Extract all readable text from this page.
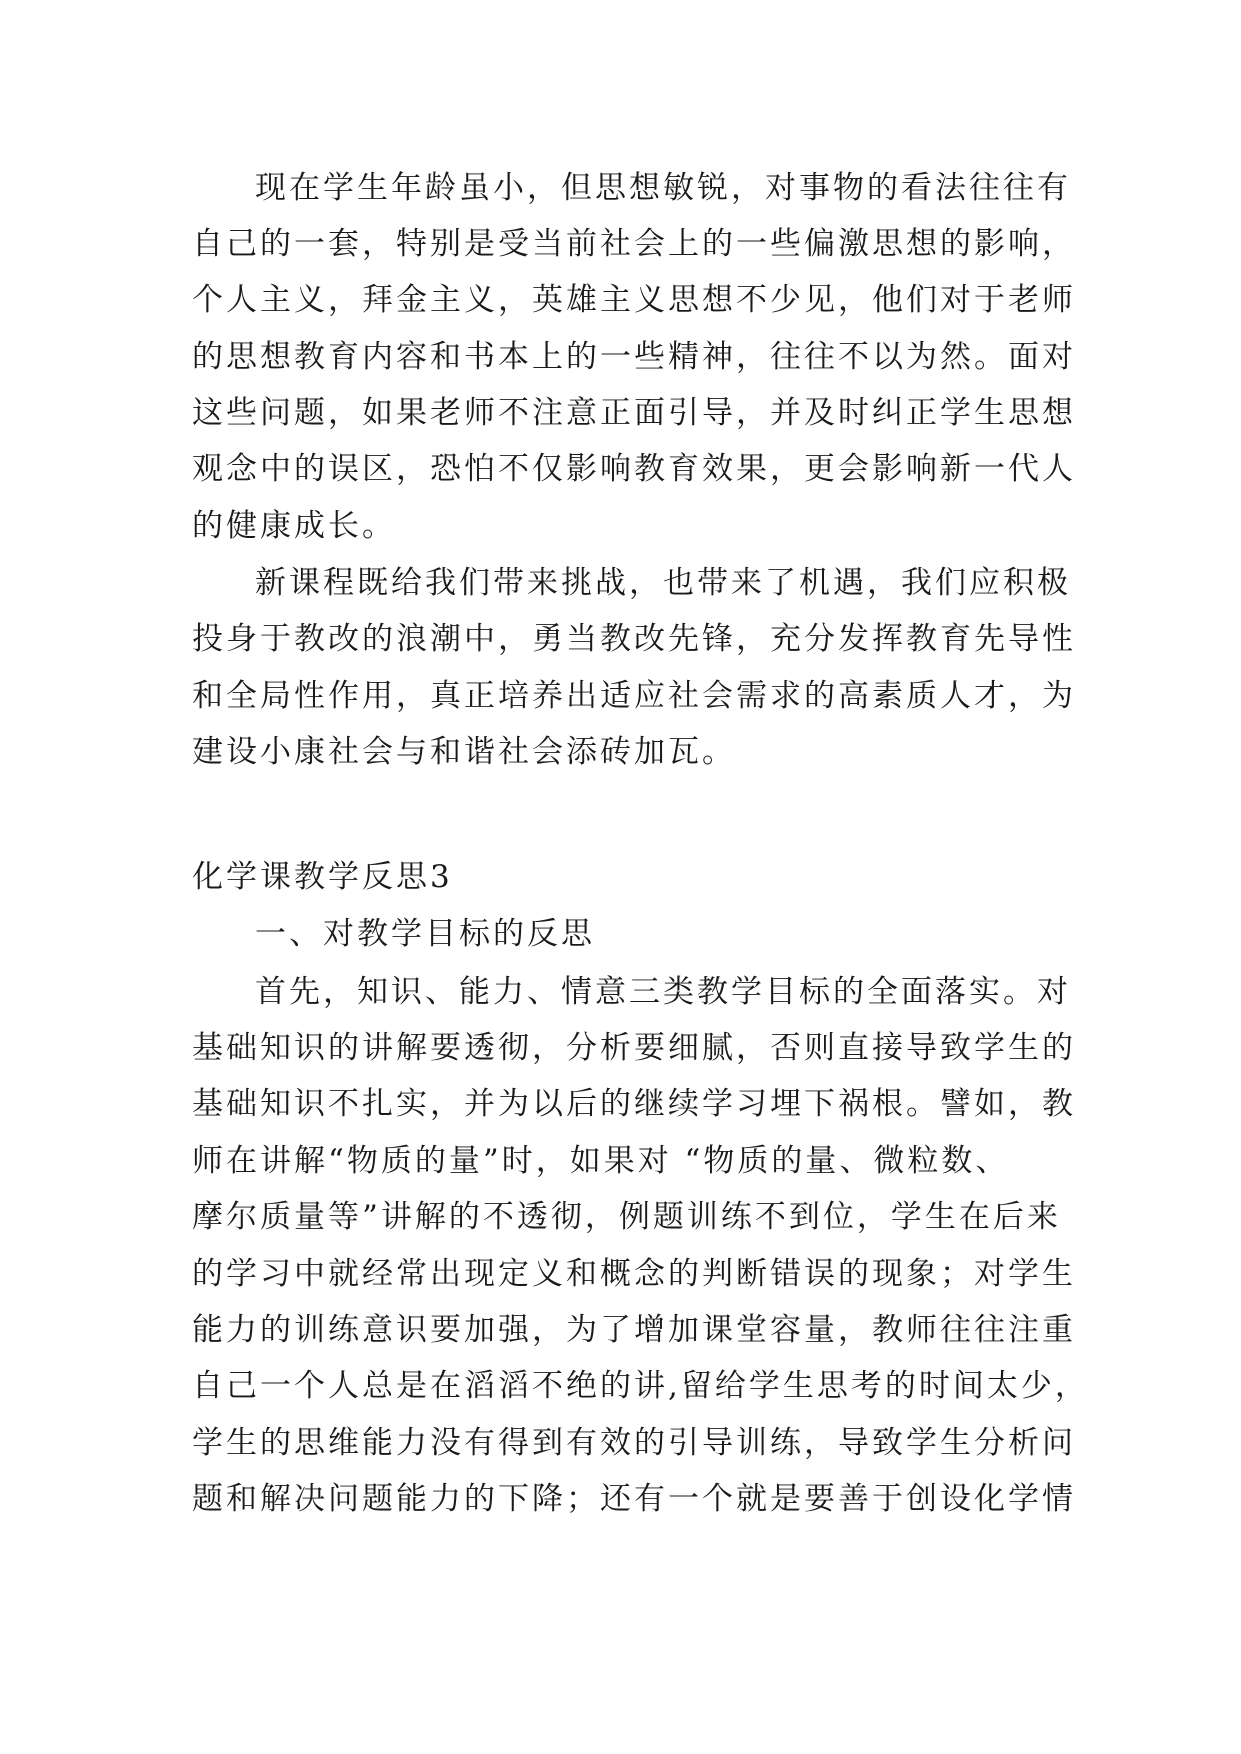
现在学生年龄虽小，但思想敏锐，对事物的看法往往有
自己的一套，特别是受当前社会上的一些偏激思想的影响，
个人主义，拜金主义，英雄主义思想不少见，他们对于老师
的思想教育内容和书本上的一些精神，往往不以为然。面对
这些问题，如果老师不注意正面引导，并及时纠正学生思想
观念中的误区，恐怕不仅影响教育效果，更会影响新一代人
的健康成长。
新课程既给我们带来挑战，也带来了机遇，我们应积极
投身于教改的浪潮中，勇当教改先锋，充分发挥教育先导性
和全局性作用，真正培养出适应社会需求的高素质人才，为
建设小康社会与和谐社会添砖加瓦。
化学课教学反思3
一、对教学目标的反思
首先，知识、能力、情意三类教学目标的全面落实。对
基础知识的讲解要透彻，分析要细腻，否则直接导致学生的
基础知识不扎实，并为以后的继续学习埋下祸根。譬如，教
师在讲解“物质的量”时，如果对 “物质的量、微粒数、
摩尔质量等”讲解的不透彻，例题训练不到位，学生在后来
的学习中就经常出现定义和概念的判断错误的现象；对学生
能力的训练意识要加强，为了增加课堂容量，教师往往注重
自己一个人总是在滔滔不绝的讲,留给学生思考的时间太少，
学生的思维能力没有得到有效的引导训练，导致学生分析问
题和解决问题能力的下降；还有一个就是要善于创设化学情
